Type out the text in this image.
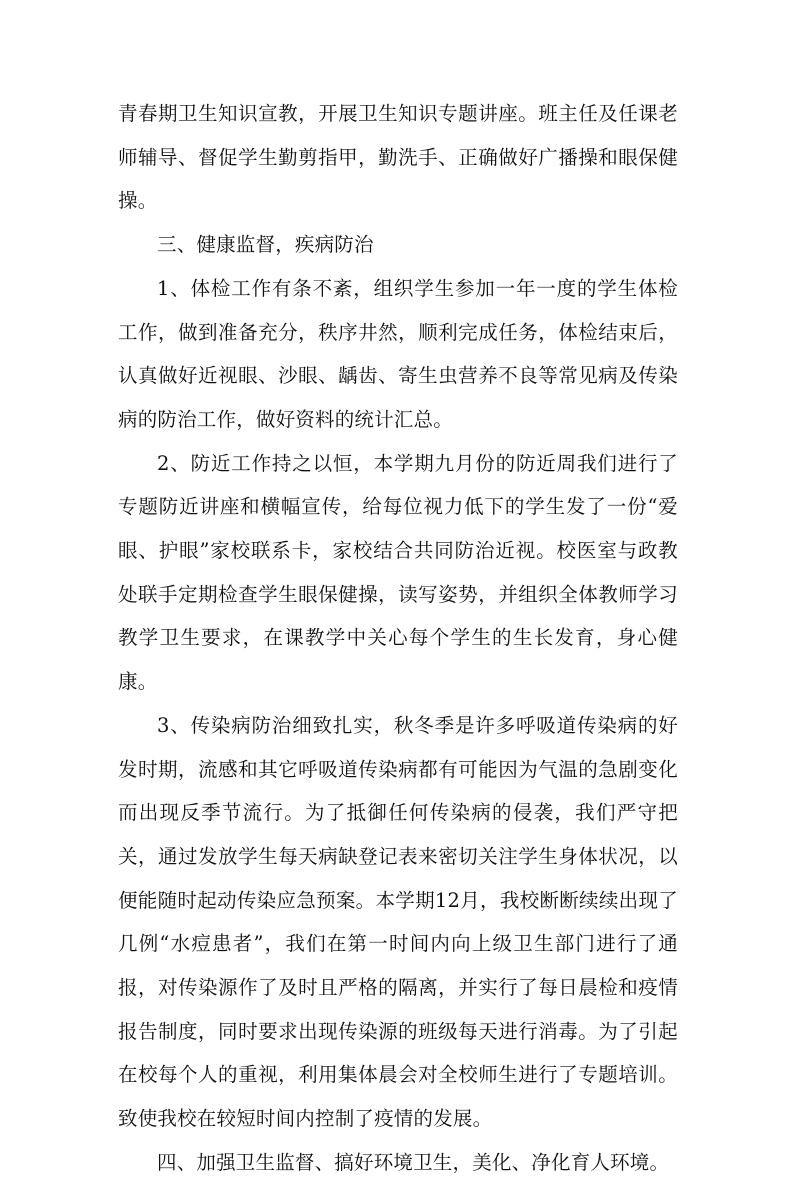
青春期卫生知识宣教，开展卫生知识专题讲座。班主任及任课老师辅导、督促学生勤剪指甲，勤洗手、正确做好广播操和眼保健操。

三、健康监督，疾病防治

1、体检工作有条不紊，组织学生参加一年一度的学生体检工作，做到准备充分，秩序井然，顺利完成任务，体检结束后，认真做好近视眼、沙眼、龋齿、寄生虫营养不良等常见病及传染病的防治工作，做好资料的统计汇总。

2、防近工作持之以恒，本学期九月份的防近周我们进行了专题防近讲座和横幅宣传，给每位视力低下的学生发了一份“爱眼、护眼”家校联系卡，家校结合共同防治近视。校医室与政教处联手定期检查学生眼保健操，读写姿势，并组织全体教师学习教学卫生要求，在课教学中关心每个学生的生长发育，身心健康。

3、传染病防治细致扎实，秋冬季是许多呼吸道传染病的好发时期，流感和其它呼吸道传染病都有可能因为气温的急剧变化而出现反季节流行。为了抵御任何传染病的侵袭，我们严守把关，通过发放学生每天病缺登记表来密切关注学生身体状况，以便能随时起动传染应急预案。本学期12月，我校断断续续出现了几例“水痘患者”，我们在第一时间内向上级卫生部门进行了通报，对传染源作了及时且严格的隔离，并实行了每日晨检和疫情报告制度，同时要求出现传染源的班级每天进行消毒。为了引起在校每个人的重视，利用集体晨会对全校师生进行了专题培训。致使我校在较短时间内控制了疫情的发展。

四、加强卫生监督、搞好环境卫生，美化、净化育人环境。
